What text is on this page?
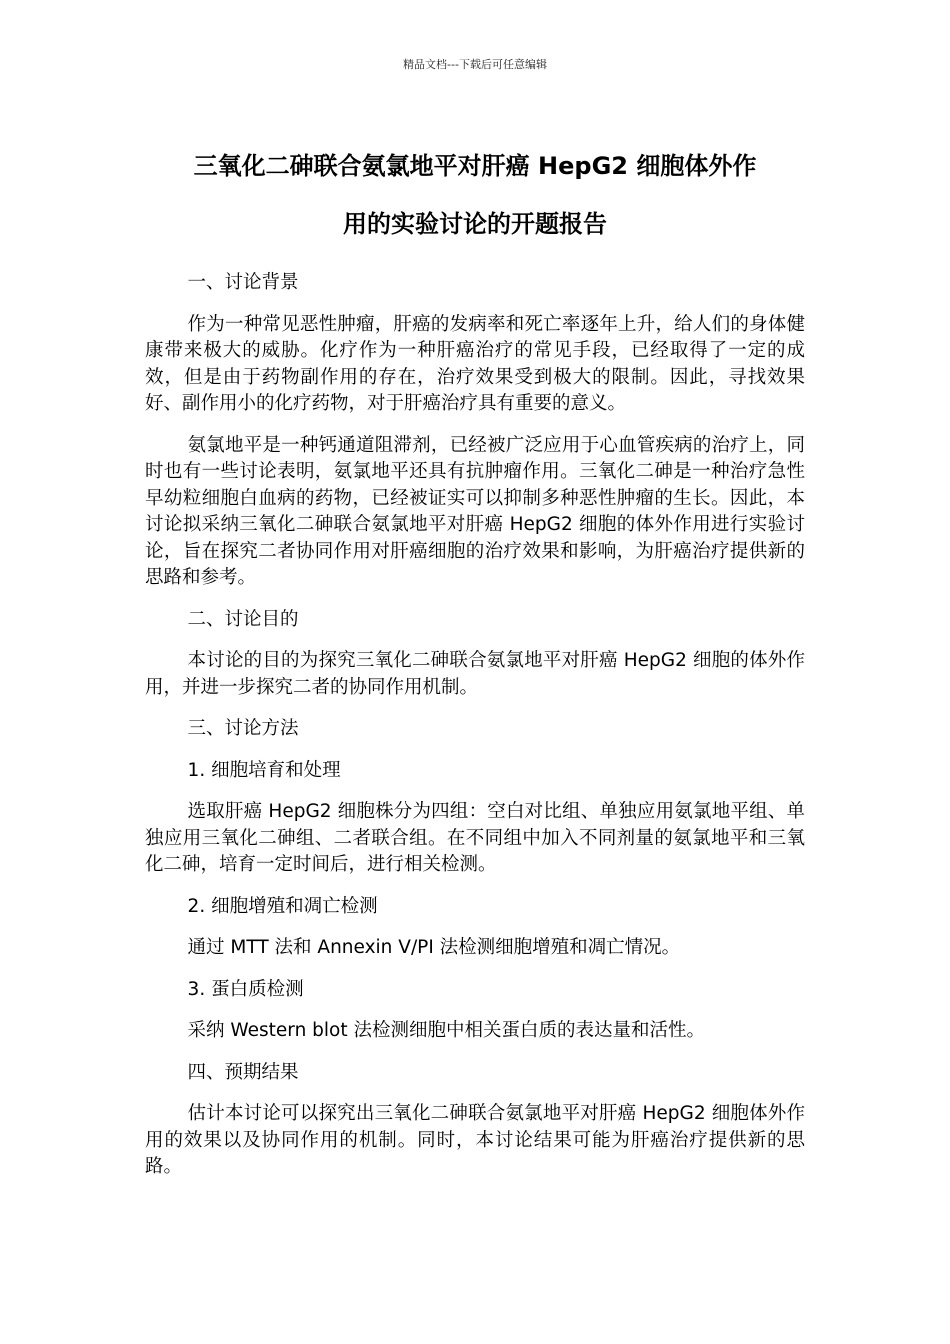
精品文档---下载后可任意编辑
三氧化二砷联合氨氯地平对肝癌 HepG2 细胞体外作
用的实验讨论的开题报告
一、讨论背景

作为一种常见恶性肿瘤，肝癌的发病率和死亡率逐年上升，给人们的身体健康带来极大的威胁。化疗作为一种肝癌治疗的常见手段，已经取得了一定的成效，但是由于药物副作用的存在，治疗效果受到极大的限制。因此，寻找效果好、副作用小的化疗药物，对于肝癌治疗具有重要的意义。

氨氯地平是一种钙通道阻滞剂，已经被广泛应用于心血管疾病的治疗上，同时也有一些讨论表明，氨氯地平还具有抗肿瘤作用。三氧化二砷是一种治疗急性早幼粒细胞白血病的药物，已经被证实可以抑制多种恶性肿瘤的生长。因此，本讨论拟采纳三氧化二砷联合氨氯地平对肝癌 HepG2 细胞的体外作用进行实验讨论，旨在探究二者协同作用对肝癌细胞的治疗效果和影响，为肝癌治疗提供新的思路和参考。

二、讨论目的

本讨论的目的为探究三氧化二砷联合氨氯地平对肝癌 HepG2 细胞的体外作用，并进一步探究二者的协同作用机制。

三、讨论方法
1. 细胞培育和处理

选取肝癌 HepG2 细胞株分为四组：空白对比组、单独应用氨氯地平组、单独应用三氧化二砷组、二者联合组。在不同组中加入不同剂量的氨氯地平和三氧化二砷，培育一定时间后，进行相关检测。

2. 细胞增殖和凋亡检测

通过 MTT 法和 Annexin V/PI 法检测细胞增殖和凋亡情况。

3. 蛋白质检测

采纳 Western blot 法检测细胞中相关蛋白质的表达量和活性。

四、预期结果

估计本讨论可以探究出三氧化二砷联合氨氯地平对肝癌 HepG2 细胞体外作用的效果以及协同作用的机制。同时，本讨论结果可能为肝癌治疗提供新的思路。
